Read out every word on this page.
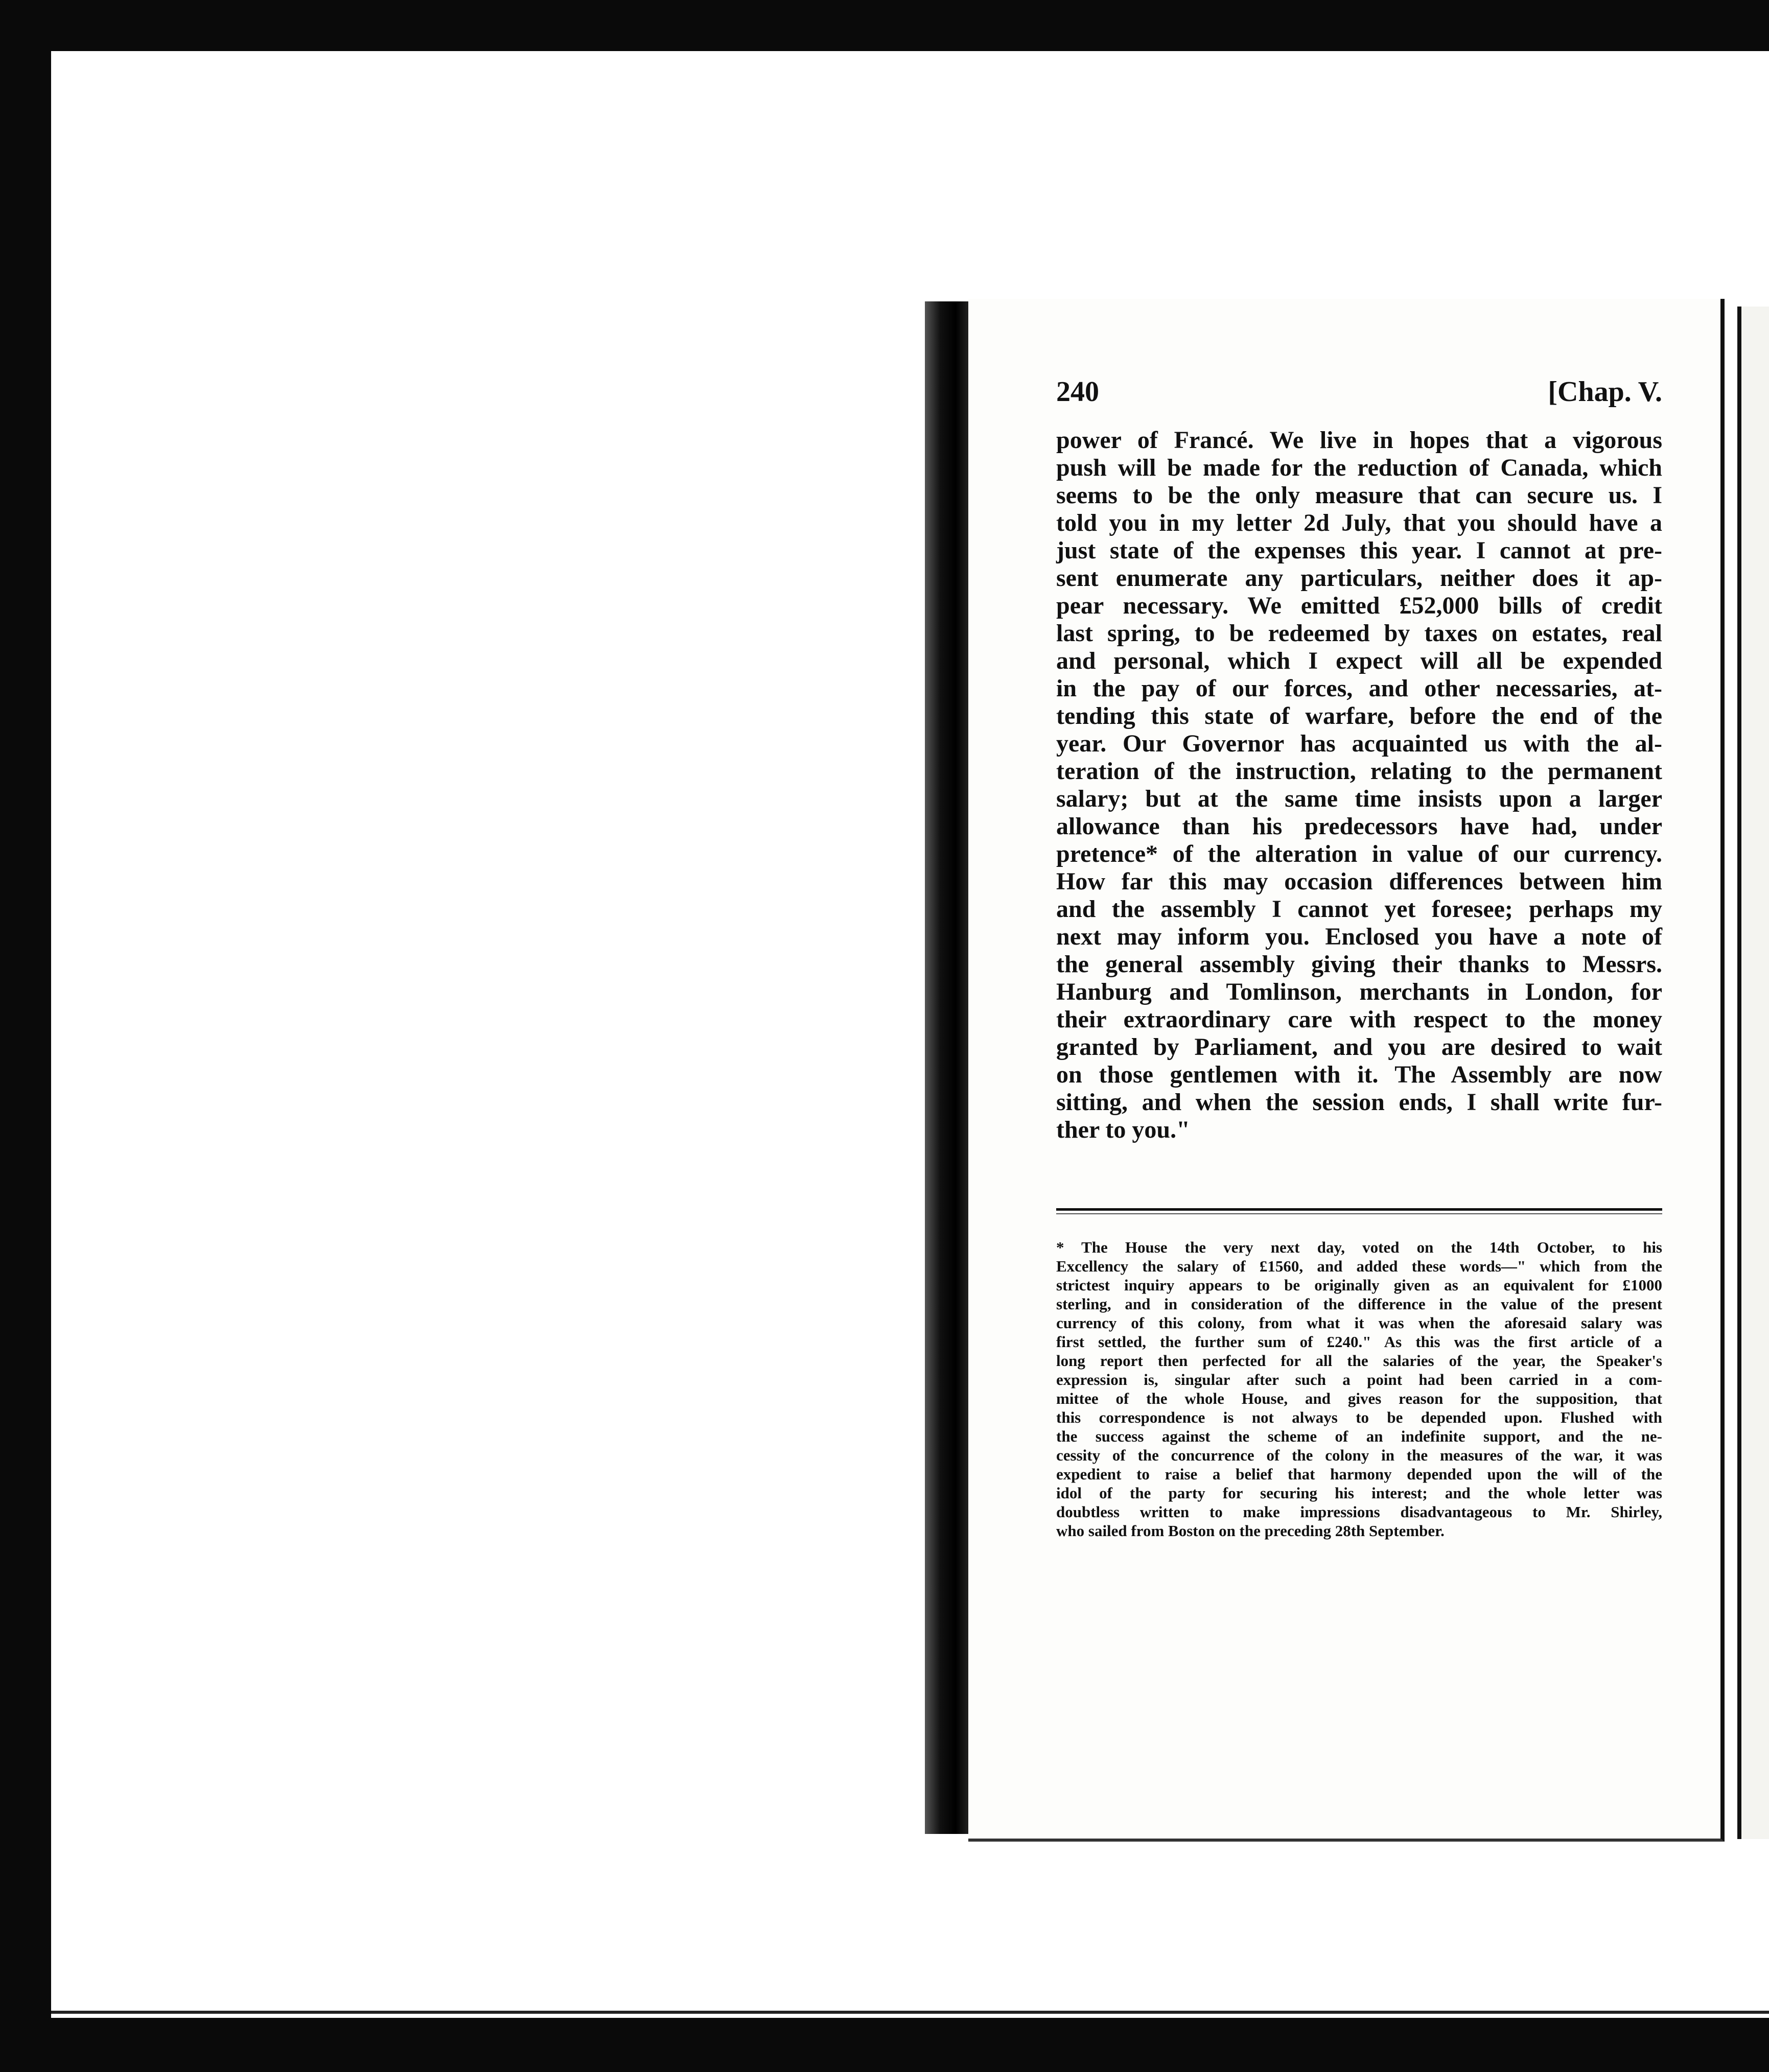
240	[Chap. V.
power of Francé. We live in hopes that a vigorous
push will be made for the reduction of Canada, which
seems to be the only measure that can secure us. I
told you in my letter 2d July, that you should have a
just state of the expenses this year. I cannot at pre-
sent enumerate any particulars, neither does it ap-
pear necessary. We emitted £52,000 bills of credit
last spring, to be redeemed by taxes on estates, real
and personal, which I expect will all be expended
in the pay of our forces, and other necessaries, at-
tending this state of warfare, before the end of the
year. Our Governor has acquainted us with the al-
teration of the instruction, relating to the permanent
salary; but at the same time insists upon a larger
allowance than his predecessors have had, under
pretence* of the alteration in value of our currency.
How far this may occasion differences between him
and the assembly I cannot yet foresee; perhaps my
next may inform you. Enclosed you have a note of
the general assembly giving their thanks to Messrs.
Hanburg and Tomlinson, merchants in London, for
their extraordinary care with respect to the money
granted by Parliament, and you are desired to wait
on those gentlemen with it. The Assembly are now
sitting, and when the session ends, I shall write fur-
ther to you."
* The House the very next day, voted on the 14th October, to his
Excellency the salary of £1560, and added these words—" which from the
strictest inquiry appears to be originally given as an equivalent for £1000
sterling, and in consideration of the difference in the value of the present
currency of this colony, from what it was when the aforesaid salary was
first settled, the further sum of £240." As this was the first article of a
long report then perfected for all the salaries of the year, the Speaker's
expression is, singular after such a point had been carried in a com-
mittee of the whole House, and gives reason for the supposition, that
this correspondence is not always to be depended upon. Flushed with
the success against the scheme of an indefinite support, and the ne-
cessity of the concurrence of the colony in the measures of the war, it was
expedient to raise a belief that harmony depended upon the will of the
idol of the party for securing his interest; and the whole letter was
doubtless written to make impressions disadvantageous to Mr. Shirley,
who sailed from Boston on the preceding 28th September.
